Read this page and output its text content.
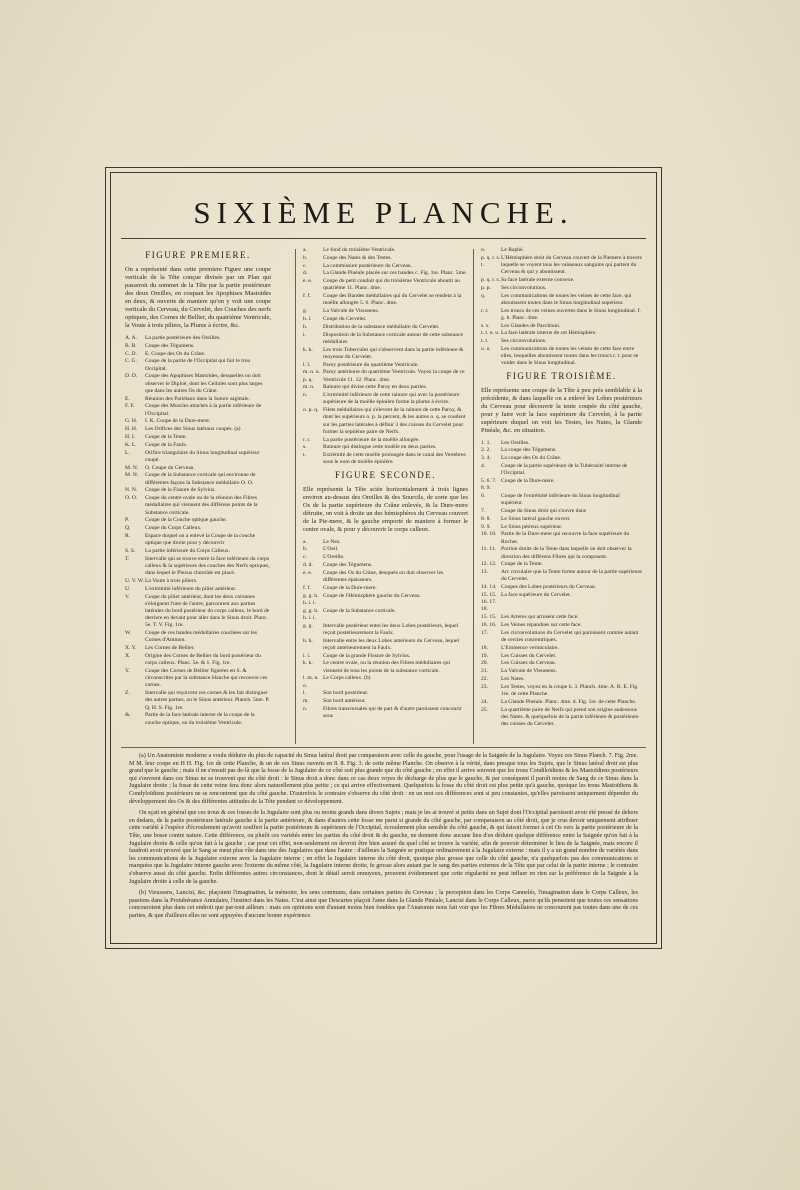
SIXIÈME PLANCHE.
FIGURE PREMIERE.
On a représenté dans cette premiere Figure une coupe verticale de la Tête conçue divisée par un Plan qui passeroit du sommet de la Tête par la partie postérieure des deux Oreilles, en coupant les Apophises Mastoïdes en deux, & ouverte de maniere qu'on y voit une coupe verticale du Cerveau, du Cervelet, des Couches des nerfs optiques, des Cornes de Bellier, du quatrième Ventricule, la Voute à trois piliers, la Plume à écrire, &c.
A. A.	La partie postérieure des Oreilles.
B. B.	Coupe des Tégumens.
C. D.	E. Coupe des Os du Crâne.
C. G.	Coupe de la partie de l'Occipital qui fait le trou Occipital.
D. D.	Coupe des Apophises Mastoïdes, desquelles on doit observer le Diploé, dont les Cellules sont plus larges que dans les autres Os du Crâne.
E.	Réunion des Pariétaux dans la Suture sagittale.
F. F.	Coupe des Muscles attachés à la partie inférieure de l'Occipital.
G. H.	I. K. Coupe de la Dure-mere.
H. H.	Les Orifices des Sinus latéraux coupés. (a)
H. I.	Coupe de la Tente.
K. L.	Coupe de la Faulx.
L.	Orifice triangulaire du Sinus longitudinal supérieur coupé.
M. N.	O. Coupe du Cerveau.
M. N.	Coupe de la Substance corticale qui environne de différentes façons la Substance médullaire O. O.
N. N.	Coupe de la Fissure de Sylvius.
O. O.	Coupe du centre ovale ou de la réunion des Fibres médullaires qui viennent des différens points de la Substance corticale.
P.	Coupe de la Couche optique gauche.
Q.	Coupe du Corps Calleux.
R.	Espace duquel on a enlevé la Coupe de la couche optique que droite pour y découvrir
S. S.	La partie inférieure du Corps Calleux.
T.	Intervalle qui se trouve entre la face inférieure du corps calleux & la supérieure des couches des Nerfs optiques, dans lequel le Plexus choroïde est placé.
U. V. W. La Voute à trois piliers.
U.	L'extrémité inférieure du pilier antérieur.
V.	Coupe du pilier antérieur, dont les deux colonnes s'éloignent l'une de l'autre, parcourent aux parties latérales du bord postérieur du corps calleux, le bord de derriere en devant pour aller dans le Sinus droit. Planc. 5e. T. V. Fig. 1re.
W.	Coupe de ces bandes médullaires couchées sur les Cornes d'Ammon.
X. Y.	Les Cornes de Bellier.
X.	Origine des Cornes de Bellier du bord postérieur du corps calleux. Planc. 5e. & 1. Fig. 1re.
Y.	Coupe des Cornes de Bellier figurées en S. & circonscrites par la substance blanche qui recouvre ces cornes.
Z.	Intervalle qui reçoivent ces cornes & les fait distinguer des autres parties, ou le Sinus antérieur. Planch. 5me. P. Q. H. S. Fig. 1re.
&.	Partie de la face latérale interne de la coupe de la couche optique, ou du troisième Ventricule.
a.	Le fond du troisième Ventricule.
b.	Coupe des Nates & des Testes.
c.	La commissure postérieure du Cerveau.
d.	La Glande Pinéale placée sur ces bandes c. Fig. 1re. Planc. 5me.
e. e.	Coupe du petit conduit qui du troisième Ventricule aboutit au quatrième 11. Planc. 4me.
f. f.	Coupe des Bandes médullaires qui du Cervelet se rendent à la moëlle allongée 5. 6. Planc. 4me.
g.	La Valvule de Vieussens.
h. i.	Coupe du Cervelet.
h.	Distribution de la substance médullaire du Cervelet.
i.	Disposition de la Substance corticale autour de cette substance médullaire.
k. k.	Les trois Tubercules qui s'observent dans la partie inférieure & moyenne du Cervelet.
l. l.	Paroy postérieure du quatrième Ventricule.
m. n. o. p. q.
Paroy antérieure du quatrième Ventricule. Voyez la coupe de ce Ventricule 11. 12. Planc. 4me.
m. n.	Rainure qui divise cette Paroy en deux parties.
n.	L'extrémité inférieure de cette rainure qui avec la postérieure supérieure de la moëlle épinière forme la plume à écrire.
o. p. q. Filets médullaires qui s'élevent de la rainure de cette Paroy, & dont les supérieurs o. p. la percent, & les autres o. q. se coudent sur les parties latérales à définir 3 des cuisses du Cervelet pour former la septième paire de Nerfs.
r. r.	La partie postérieure de la moëlle allongée.
s.	Rainure qui distingue cette moëlle en deux parties.
t.	Extrémité de cette moëlle prolongée dans le canal des Vertebres sous le nom de moëlle épinière.
FIGURE SECONDE.
Elle représente la Tête sciée horizontalement à trois lignes environ au-dessus des Oreilles & des Sourcils, de sorte que les Os de la partie supérieure du Crâne enlevés, & la Dure-mere détruite, on voit à droite un des hémisphères du Cerveau couvert de la Pie-mere, & le gauche emporté de maniere à former le centre ovale, & pour y découvrir le corps calleux.
a.	Le Nez.
b.	L'Oeil.
c.	L'Oreille.
d. d.	Coupe des Tégumens.
e. e.	Coupe des Os du Crâne, desquels on doit observer les différentes épaisseurs.
f. f.	Coupe de la Dure-mere.
g. g. h. h. i. i.
Coupe de l'Hémisphère gauche du Cerveau.
g. g. h. h. i. i.
Coupe de la Substance corticale.
g. g.	Intervalle postérieur entre les deux Lobes postérieurs, lequel reçoit postérieurement la Faulx.
h. h.	Intervalle entre les deux Lobes antérieurs du Cerveau, lequel reçoit antérieurement la Faulx.
i. i.	Coupe de la grande Fissure de Sylvius.
k. k.	Le centre ovale, ou la réunion des Fibres médullaires qui viennent de tous les points de la substance corticale.
l. m. n. o.
Le Corps calleux. (b)
l.	Son bord postérieur.
m.	Son bord antérieur.
n.	Fibres transversales qui de part & d'autre paroissent concourir sous
o.	Le Raphé.
p. q. r. s. t.
L'Hémisphère droit du Cerveau couvert de la Piemere à travers laquelle se voyent tous les vaisseaux sanguins qui partent du Cerveau & qui y aboutissent.
p. q. r. s. Sa face latérale externe convexe.
p. p.	Ses circonvolutions.
q.	Les communications de toutes les veines de cette face, qui aboutissent toutes dans le Sinus longitudinal supérieur.
r. r.	Les troncs de ces veines ouvertes dans le Sinus longitudinal. f. g. h. Planc. 4me.
s. s.	Les Glandes de Pacchioni.
t. t. u. u. La face latérale interne de cet Hémisphère.
t. t.	Ses circonvolutions.
u. u.	Les communications de toutes les veines de cette face entre elles, lesquelles aboutissent toutes dans les troncs r. r. pour se vuider dans le Sinus longitudinal.
FIGURE TROISIÈME.
Elle représente une coupe de la Tête à peu près semblable à la précédente, & dans laquelle on a enlevé les Lobes postérieurs du Cerveau pour découvrir la tente coupée du côté gauche, pour y faire voir la face supérieure du Cervelet, à la partie supérieure duquel on voit les Testes, les Nates, la Glande Pinéale, &c. en situation.
1. 1.	Les Oreilles.
2. 2.	La coupe des Tégumens.
3. 4.	La coupe des Os du Crâne.
4.	Coupe de la partie supérieure de la Tubérosité interne de l'Occipital.
5. 6. 7. 8. 9.
Coupe de la Dure-mere.
6.	Coupe de l'extrémité inférieure du Sinus longitudinal supérieur.
7.	Coupe du Sinus droit qui s'ouvre dans
8. 8.	Le Sinus latéral gauche ouvert.
9. 9.	Le Sinus pétreux supérieur.
10. 10. Partie de la Dure-mere qui recouvre la face supérieure du Rocher.
11. 11. Portion droite de la Tente dans laquelle on doit observer la direction des différens Fibres qui la composent.
12. 12. Coupe de la Tente.
13.	Arc circulaire que la Tente forme autour de la partie supérieure du Cervelet.
14. 14. Coupes des Lobes postérieurs du Cerveau.
15. 15. 16. 17. 18.
La face supérieure du Cervelet.
15. 15. Les Arteres qui arrosent cette face.
16. 16. Les Veines répandues sur cette face.
17.	Les circonvolutions du Cervelet qui paroissent comme autant de cercles concentriques.
18.	L'Eminence vermiculaire.
19.	Les Cuisses du Cervelet.
20.	Les Cuisses du Cerveau.
21.	La Valvule de Vieussens.
22.	Les Nates.
23.	Les Testes, voyez en la coupe b. 3. Planch. 4me. A. B. E. Fig. 1re. de cette Planche.
24.	La Glande Pinéale. Planc. 4me. d. Fig. 1re. de cette Planche.
25.	La quatrième paire de Nerfs qui prend son origine audessous des Nates, & quelquefois de la partie inférieure & postérieure des cuisses du Cervelet.

(a) Un Anatomiste moderne a voulu déduire du plus de capacité du Sinus latéral droit par comparaison avec celle du gauche, pour l'usage de la Saignée de la Jugulaire. Voyez ces Sinus Planch. 7. Fig. 2me. M M. leur coupe en H H. Fig. 1re de cette Planche, & un de ces Sinus ouverts en 8. 8. Fig. 3. de cette même Planche. On observe à la vérité, dans presque tous les Sujets, que le Sinus latéral droit est plus grand que le gauche ; mais il ne s'ensuit pas de-là que la fosse de la Jugulaire de ce côté soit plus grande que du côté gauche ; en effet il arrive souvent que les trous Condiloïdiens & les Mastoïdiens postérieurs qui s'ouvrent dans ces Sinus ne se trouvent que du côté droit : le Sinus droit a donc dans ce cas deux voyes de décharge de plus que le gauche, & par conséquent il paroît moins de Sang de ce Sinus dans la Jugulaire droite ; la fosse de cette veine fera donc alors naturellement plus petite ; ce qui arrive effectivement. Quelquefois la fosse du côté droit est plus petite qu'à gauche, quoique les trous Mastoïdiens & Condyloïdiens postérieurs ne se rencontrent que du côté gauche. D'autrefois le contraire s'observe du côté droit : en un mot ces différences sont si peu constantes, qu'elles paroissent uniquement dépendre du développement des Os & des différentes attitudes de la Tête pendant ce développement.

On sçait en général que ces trous & ces fosses de la Jugulaire sont plus ou moins grands dans divers Sujets ; mais je les ai trouvé si petits dans un Sujet dont l'Occipital paroissoit avoir été pressé de dehors en dedans, de la partie postérieure latérale gauche à la partie antérieure, & dans d'autres cette fosse me parut si grande du côté gauche, par comparaison au côté droit, que je crus devoir uniquement attribuer cette variété à l'espèce d'écroulement qu'avoit souffert la partie postérieure & supérieure de l'Occipital, écroulement plus sensible du côté gauche, & qui faisoit former à cet Os vers la partie postérieure de la Tête, une bosse contre nature. Cette différence, ou plutôt ces variétés entre les parties du côté droit & du gauche, ne donnent donc aucune lieu d'en déduire quelque différence entre la Saignée qu'on fait à la Jugulaire droite & celle qu'on fait à la gauche ; car pour cet effet, non-seulement on devroit être bien assuré du quel côté se trouve la variété, afin de pouvoir déterminer le lieu de la Saignée, mais encore il faudroit avoir prouvé que le Sang se meut plus vîte dans une des Jugulaires que dans l'autre : d'ailleurs la Saignée se pratique ordinairement à la Jugulaire externe : mais il y a un grand nombre de variétés dans les communications de la Jugulaire externe avec la Jugulaire interne ; en effet la Jugulaire interne du côté droit, quoique plus grosse que celle du côté gauche, n'a quelquefois pas des communications si marquées que la Jugulaire interne gauche avec l'externe du même côté, la Jugulaire interne droite, fe grosse alors autant par le sang des parties externes de la Tête que par celui de la partie interne ; le contraire s'observe aussi du côté gauche. Enfin différentes autres circonstances, dont le détail seroit ennuyeux, prouvent évidemment que cette régularité ne peut influer en rien sur la préférence de la Saignée à la Jugulaire droite à celle de la gauche.

(b) Vieussens, Lancisi, &c. plaçoient l'imagination, la mémoire, les sens communs, dans certaines parties du Cerveau ; la perception dans les Corps Cannelés, l'imagination dans le Corps Calleux, les passions dans la Protubérance Annulaire, l'instinct dans les Nates. C'est ainsi que Descartes plaçoit l'ame dans la Glande Pinéale, Lancisi dans le Corps Calleux, parce qu'ils pensoient que toutes ces sensations concouroient plus dans cet endroit que par-tout ailleurs : mais ces opinions sont d'autant moins bien fondées que l'Anatomie nous fait voir que les Fibres Médullaires ne concourent pas toutes dans une de ces parties, & que d'ailleurs elles ne sont appuyées d'aucune bonne expérience.
